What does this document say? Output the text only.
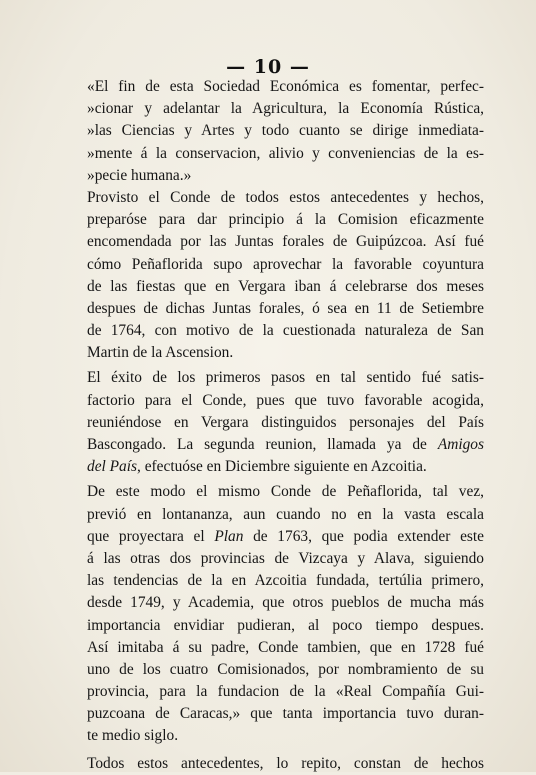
— 10 —
«El fin de esta Sociedad Económica es fomentar, perfec-
»cionar y adelantar la Agricultura, la Economía Rústica,
»las Ciencias y Artes y todo cuanto se dirige inmediata-
»mente á la conservacion, alivio y conveniencias de la es-
»pecie humana.»
Provisto el Conde de todos estos antecedentes y hechos,
preparóse para dar principio á la Comision eficazmente
encomendada por las Juntas forales de Guipúzcoa. Así fué
cómo Peñaflorida supo aprovechar la favorable coyuntura
de las fiestas que en Vergara iban á celebrarse dos meses
despues de dichas Juntas forales, ó sea en 11 de Setiembre
de 1764, con motivo de la cuestionada naturaleza de San
Martin de la Ascension.
El éxito de los primeros pasos en tal sentido fué satis-
factorio para el Conde, pues que tuvo favorable acogida,
reuniéndose en Vergara distinguidos personajes del País
Bascongado. La segunda reunion, llamada ya de Amigos
del País, efectuóse en Diciembre siguiente en Azcoitia.
De este modo el mismo Conde de Peñaflorida, tal vez,
previó en lontananza, aun cuando no en la vasta escala
que proyectara el Plan de 1763, que podia extender este
á las otras dos provincias de Vizcaya y Alava, siguiendo
las tendencias de la en Azcoitia fundada, tertúlia primero,
desde 1749, y Academia, que otros pueblos de mucha más
importancia envidiar pudieran, al poco tiempo despues.
Así imitaba á su padre, Conde tambien, que en 1728 fué
uno de los cuatro Comisionados, por nombramiento de su
provincia, para la fundacion de la «Real Compañía Gui-
puzcoana de Caracas,» que tanta importancia tuvo duran-
te medio siglo.
Todos estos antecedentes, lo repito, constan de hechos
